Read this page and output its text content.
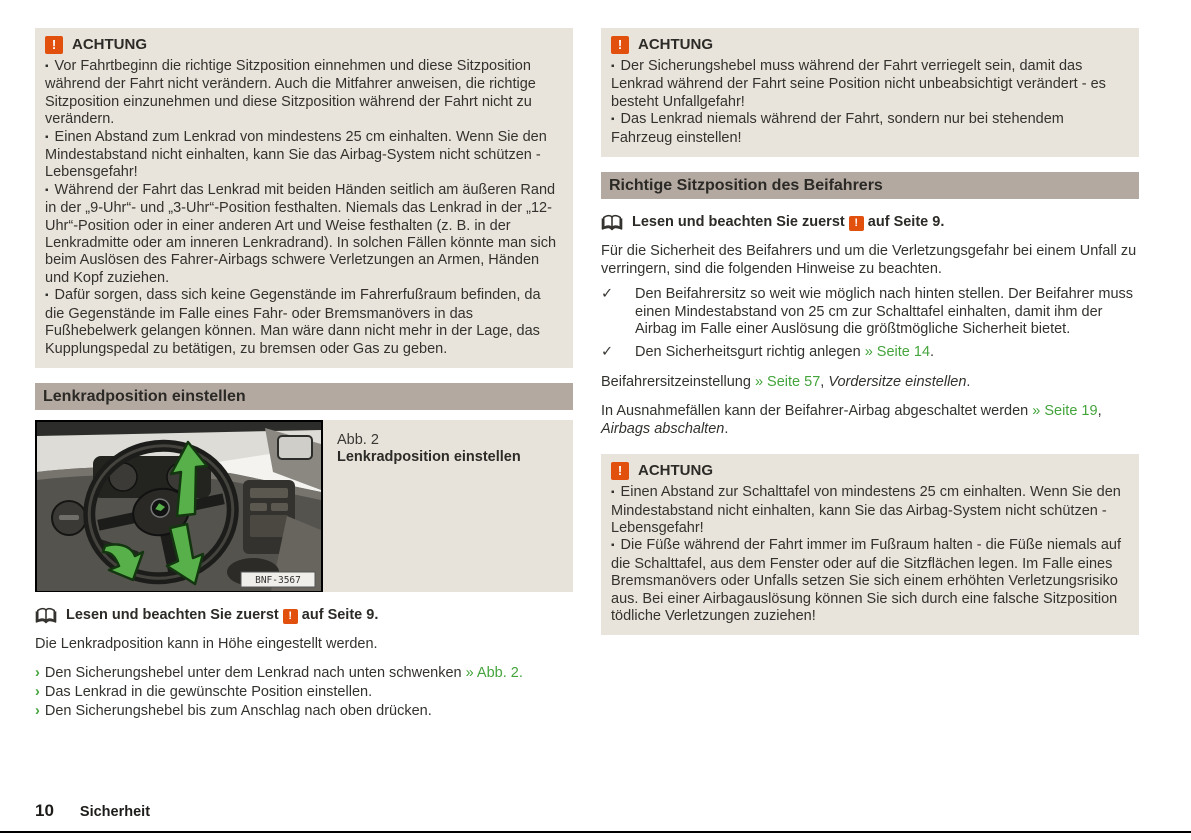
!	ACHTUNG
▪ Vor Fahrtbeginn die richtige Sitzposition einnehmen und diese Sitzposition während der Fahrt nicht verändern. Auch die Mitfahrer anweisen, die richtige Sitzposition einzunehmen und diese Sitzposition während der Fahrt nicht zu verändern.
▪ Einen Abstand zum Lenkrad von mindestens 25 cm einhalten. Wenn Sie den Mindestabstand nicht einhalten, kann Sie das Airbag-System nicht schützen - Lebensgefahr!
▪ Während der Fahrt das Lenkrad mit beiden Händen seitlich am äußeren Rand in der „9-Uhr“- und „3-Uhr“-Position festhalten. Niemals das Lenkrad in der „12-Uhr“-Position oder in einer anderen Art und Weise festhalten (z. B. in der Lenkradmitte oder am inneren Lenkradrand). In solchen Fällen könnte man sich beim Auslösen des Fahrer-Airbags schwere Verletzungen an Armen, Händen und Kopf zuziehen.
▪ Dafür sorgen, dass sich keine Gegenstände im Fahrerfußraum befinden, da die Gegenstände im Falle eines Fahr- oder Bremsmanövers in das Fußhebelwerk gelangen können. Man wäre dann nicht mehr in der Lage, das Kupplungspedal zu betätigen, zu bremsen oder Gas zu geben.
Lenkradposition einstellen
BNF-3567
Abb. 2
Lenkradposition einstellen
Lesen und beachten Sie zuerst ! auf Seite 9.
Die Lenkradposition kann in Höhe eingestellt werden.
› Den Sicherungshebel unter dem Lenkrad nach unten schwenken » Abb. 2.
› Das Lenkrad in die gewünschte Position einstellen.
› Den Sicherungshebel bis zum Anschlag nach oben drücken.
!	ACHTUNG
▪ Der Sicherungshebel muss während der Fahrt verriegelt sein, damit das Lenkrad während der Fahrt seine Position nicht unbeabsichtigt verändert - es besteht Unfallgefahr!
▪ Das Lenkrad niemals während der Fahrt, sondern nur bei stehendem Fahrzeug einstellen!
Richtige Sitzposition des Beifahrers
Lesen und beachten Sie zuerst ! auf Seite 9.
Für die Sicherheit des Beifahrers und um die Verletzungsgefahr bei einem Unfall zu verringern, sind die folgenden Hinweise zu beachten.
✓	Den Beifahrersitz so weit wie möglich nach hinten stellen. Der Beifahrer muss einen Mindestabstand von 25 cm zur Schalttafel einhalten, damit ihm der Airbag im Falle einer Auslösung die größtmögliche Sicherheit bietet.
✓	Den Sicherheitsgurt richtig anlegen » Seite 14.
Beifahrersitzeinstellung » Seite 57, Vordersitze einstellen.
In Ausnahmefällen kann der Beifahrer-Airbag abgeschaltet werden » Seite 19, Airbags abschalten.
!	ACHTUNG
▪ Einen Abstand zur Schalttafel von mindestens 25 cm einhalten. Wenn Sie den Mindestabstand nicht einhalten, kann Sie das Airbag-System nicht schützen - Lebensgefahr!
▪ Die Füße während der Fahrt immer im Fußraum halten - die Füße niemals auf die Schalttafel, aus dem Fenster oder auf die Sitzflächen legen. Im Falle eines Bremsmanövers oder Unfalls setzen Sie sich einem erhöhten Verletzungsrisiko aus. Bei einer Airbagauslösung können Sie sich durch eine falsche Sitzposition tödliche Verletzungen zuziehen!
10 Sicherheit
